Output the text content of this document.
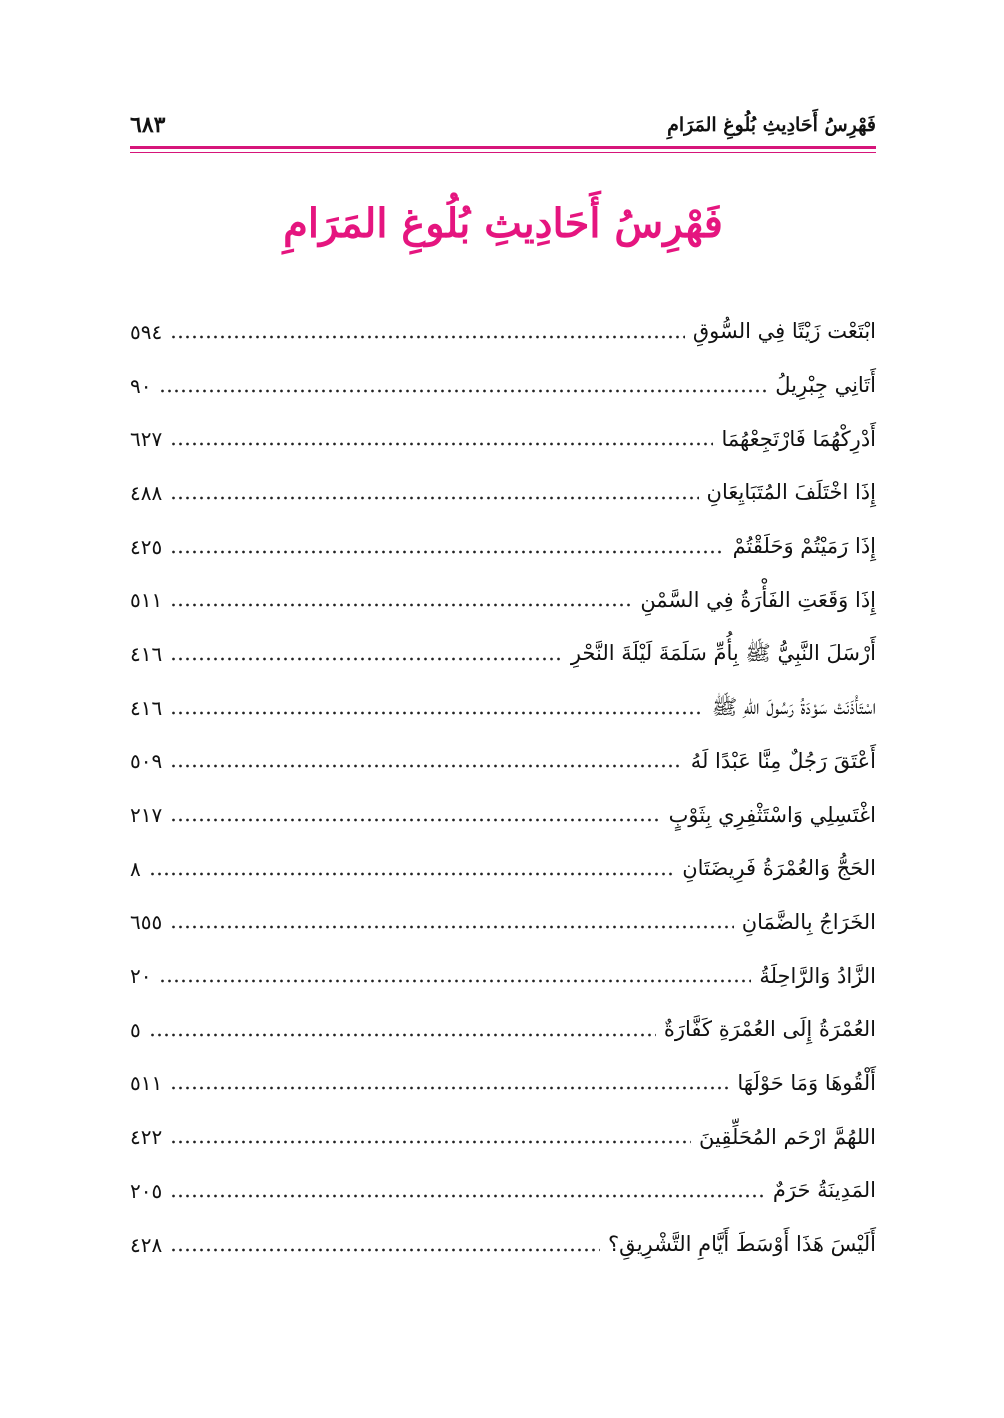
فَهْرِسُ أَحَادِيثِ بُلُوغِ المَرَامِ
٦٨٣
فَهْرِسُ أَحَادِيثِ بُلُوغِ المَرَامِ
ابْتَعْت زَيْتًا فِي السُّوقِ
٥٩٤
أَتَانِي جِبْرِيلُ
٩٠
أَدْرِكْهُمَا فَارْتَجِعْهُمَا
٦٢٧
إِذَا اخْتَلَفَ المُتَبَايِعَانِ
٤٨٨
إِذَا رَمَيْتُمْ وَحَلَقْتُمْ
٤٢٥
إِذَا وَقَعَتِ الفَأْرَةُ فِي السَّمْنِ
٥١١
أَرْسَلَ النَّبِيُّ ﷺ بِأُمِّ سَلَمَةَ لَيْلَةَ النَّحْرِ
٤١٦
اسْتَأْذَنَتْ سَوْدَةُ رَسُولَ اللهِ ﷺ
٤١٦
أَعْتَقَ رَجُلٌ مِنَّا عَبْدًا لَهُ
٥٠٩
اغْتَسِلِي وَاسْتَثْفِرِي بِثَوْبٍ
٢١٧
الحَجُّ وَالعُمْرَةُ فَرِيضَتَانِ
٨
الخَرَاجُ بِالضَّمَانِ
٦٥٥
الزَّادُ وَالرَّاحِلَةُ
٢٠
العُمْرَةُ إِلَى العُمْرَةِ كَفَّارَةٌ
٥
أَلْقُوهَا وَمَا حَوْلَهَا
٥١١
اللهُمَّ ارْحَم المُحَلِّقِينَ
٤٢٢
المَدِينَةُ حَرَمٌ
٢٠٥
أَلَيْسَ هَذَا أَوْسَطَ أَيَّامِ التَّشْرِيقِ؟
٤٢٨
